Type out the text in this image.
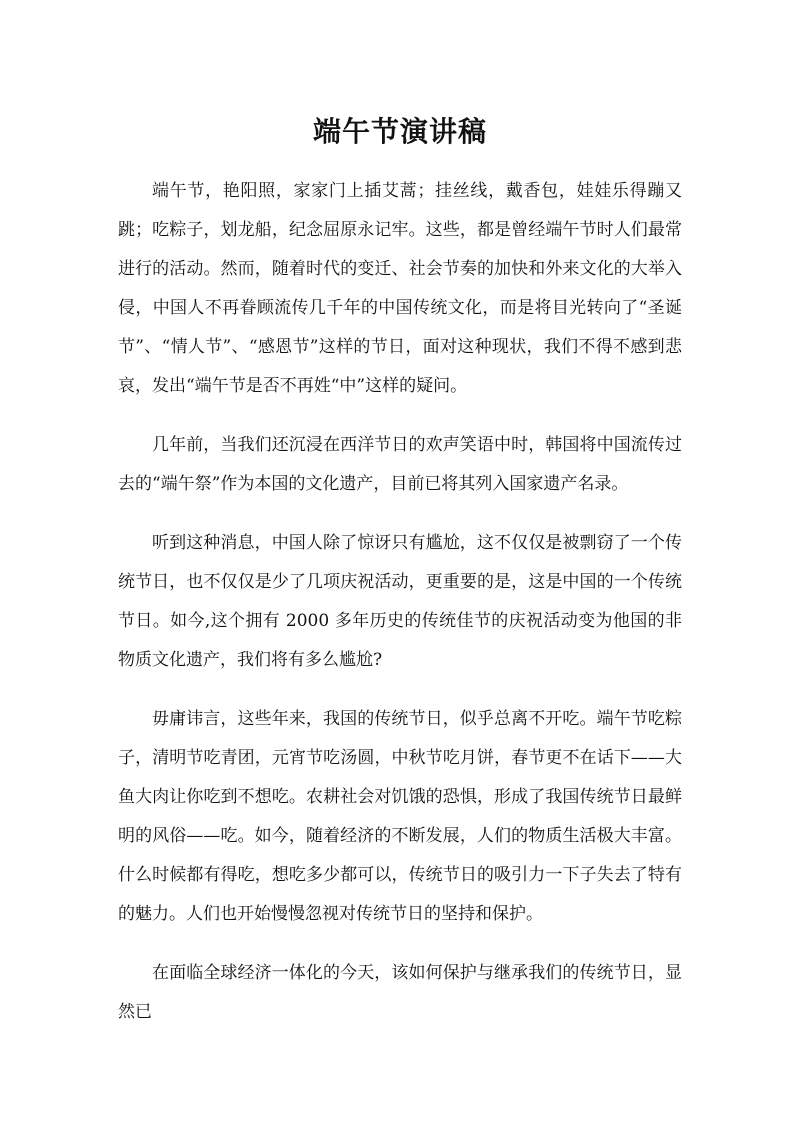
端午节演讲稿

端午节，艳阳照，家家门上插艾蒿；挂丝线，戴香包，娃娃乐得蹦又跳；吃粽子，划龙船，纪念屈原永记牢。这些，都是曾经端午节时人们最常进行的活动。然而，随着时代的变迁、社会节奏的加快和外来文化的大举入侵，中国人不再眷顾流传几千年的中国传统文化，而是将目光转向了“圣诞节”、“情人节”、“感恩节”这样的节日，面对这种现状，我们不得不感到悲哀，发出“端午节是否不再姓“中”这样的疑问。

几年前，当我们还沉浸在西洋节日的欢声笑语中时，韩国将中国流传过去的“端午祭”作为本国的文化遗产，目前已将其列入国家遗产名录。

听到这种消息，中国人除了惊讶只有尴尬，这不仅仅是被剽窃了一个传统节日，也不仅仅是少了几项庆祝活动，更重要的是，这是中国的一个传统节日。如今,这个拥有 2000 多年历史的传统佳节的庆祝活动变为他国的非物质文化遗产，我们将有多么尴尬?

毋庸讳言，这些年来，我国的传统节日，似乎总离不开吃。端午节吃粽子，清明节吃青团，元宵节吃汤圆，中秋节吃月饼，春节更不在话下——大鱼大肉让你吃到不想吃。农耕社会对饥饿的恐惧，形成了我国传统节日最鲜明的风俗——吃。如今，随着经济的不断发展，人们的物质生活极大丰富。什么时候都有得吃，想吃多少都可以，传统节日的吸引力一下子失去了特有的魅力。人们也开始慢慢忽视对传统节日的坚持和保护。

在面临全球经济一体化的今天，该如何保护与继承我们的传统节日，显然已
